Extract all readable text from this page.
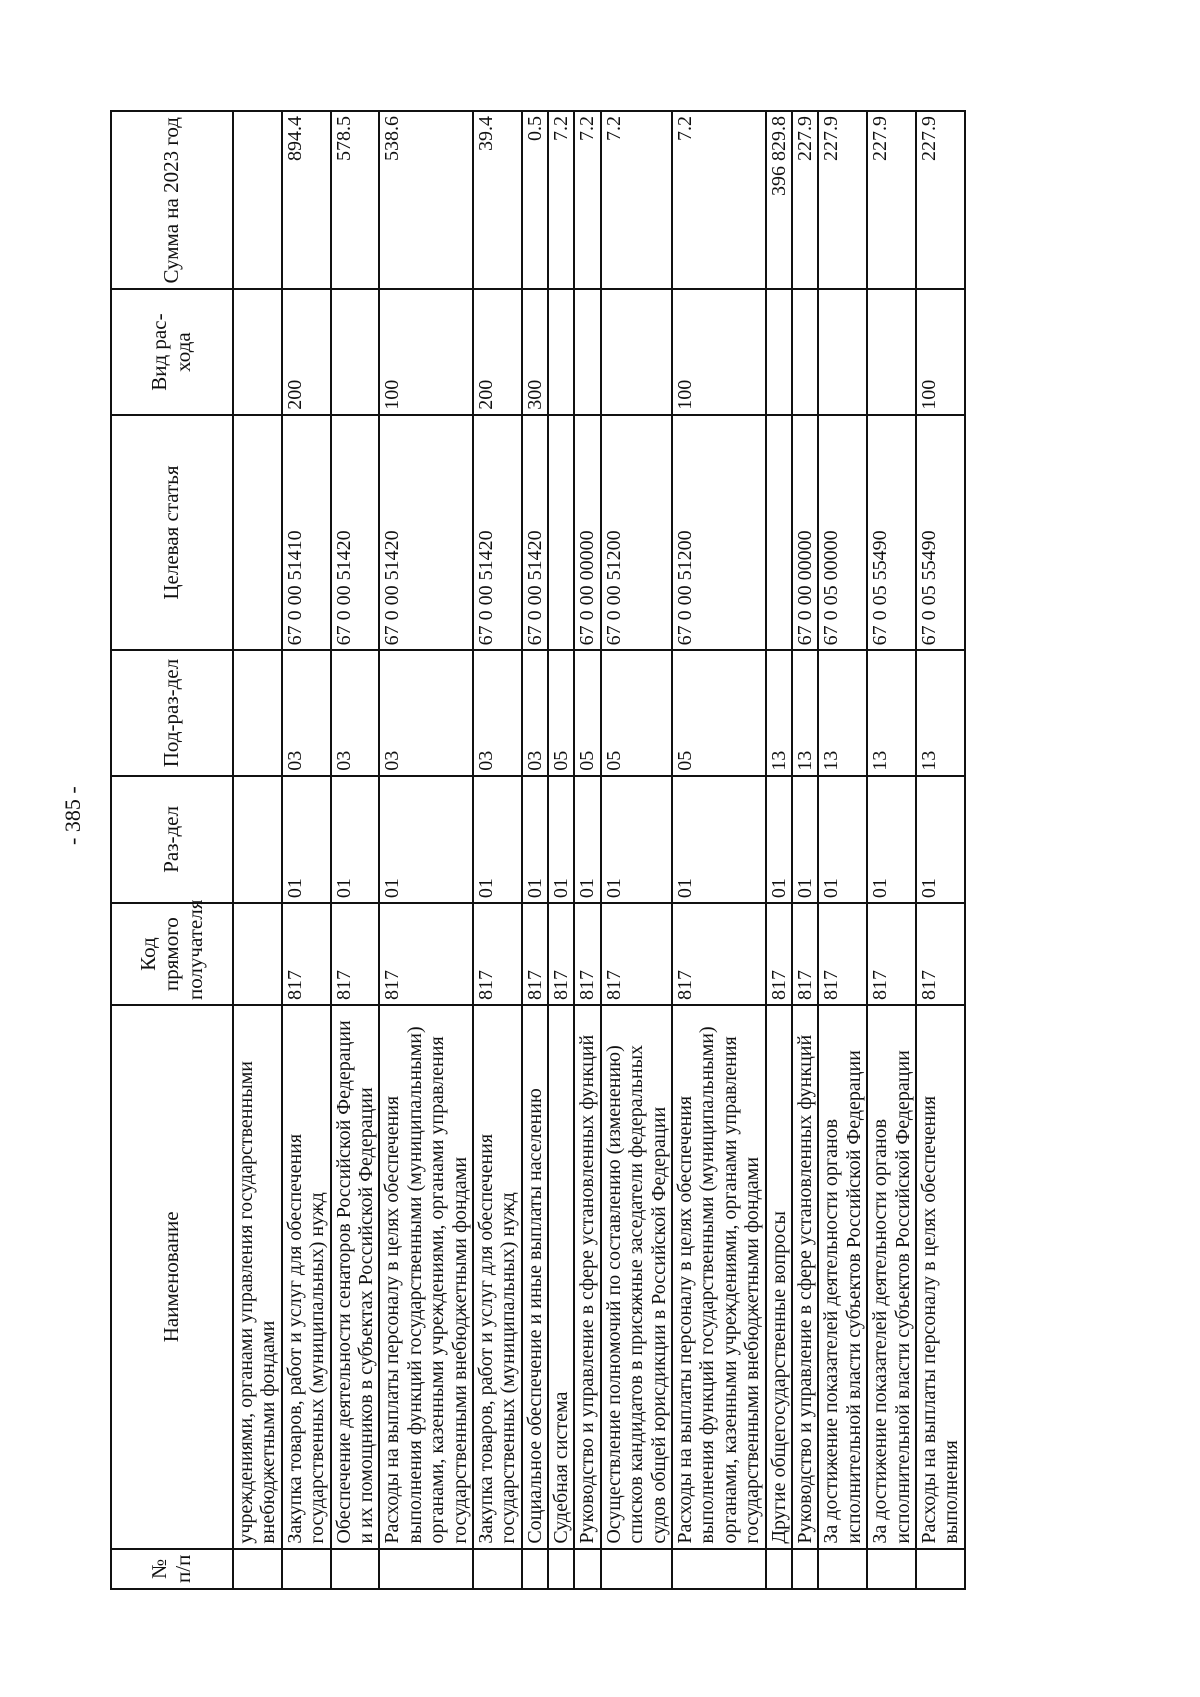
- 385 -
№ п/п	Наименование	Код прямого получателя	Раз-дел	Под-раз-дел	Целевая статья	Вид рас-хода	Сумма на 2023 год
	учреждениями, органами управления государственными внебюджетными фондами						
	Закупка товаров, работ и услуг для обеспечения государственных (муниципальных) нужд	817	01	03	67 0 00 51410	200	894.4
	Обеспечение деятельности сенаторов Российской Федерации и их помощников в субъектах Российской Федерации	817	01	03	67 0 00 51420		578.5
	Расходы на выплаты персоналу в целях обеспечения выполнения функций государственными (муниципальными) органами, казенными учреждениями, органами управления государственными внебюджетными фондами	817	01	03	67 0 00 51420	100	538.6
	Закупка товаров, работ и услуг для обеспечения государственных (муниципальных) нужд	817	01	03	67 0 00 51420	200	39.4
	Социальное обеспечение и иные выплаты населению	817	01	03	67 0 00 51420	300	0.5
	Судебная система	817	01	05			7.2
	Руководство и управление в сфере установленных функций	817	01	05	67 0 00 00000		7.2
	Осуществление полномочий по составлению (изменению) списков кандидатов в присяжные заседатели федеральных судов общей юрисдикции в Российской Федерации	817	01	05	67 0 00 51200		7.2
	Расходы на выплаты персоналу в целях обеспечения выполнения функций государственными (муниципальными) органами, казенными учреждениями, органами управления государственными внебюджетными фондами	817	01	05	67 0 00 51200	100	7.2
	Другие общегосударственные вопросы	817	01	13			396 829.8
	Руководство и управление в сфере установленных функций	817	01	13	67 0 00 00000		227.9
	За достижение показателей деятельности органов исполнительной власти субъектов Российской Федерации	817	01	13	67 0 05 00000		227.9
	За достижение показателей деятельности органов исполнительной власти субъектов Российской Федерации	817	01	13	67 0 05 55490		227.9
	Расходы на выплаты персоналу в целях обеспечения выполнения	817	01	13	67 0 05 55490	100	227.9
